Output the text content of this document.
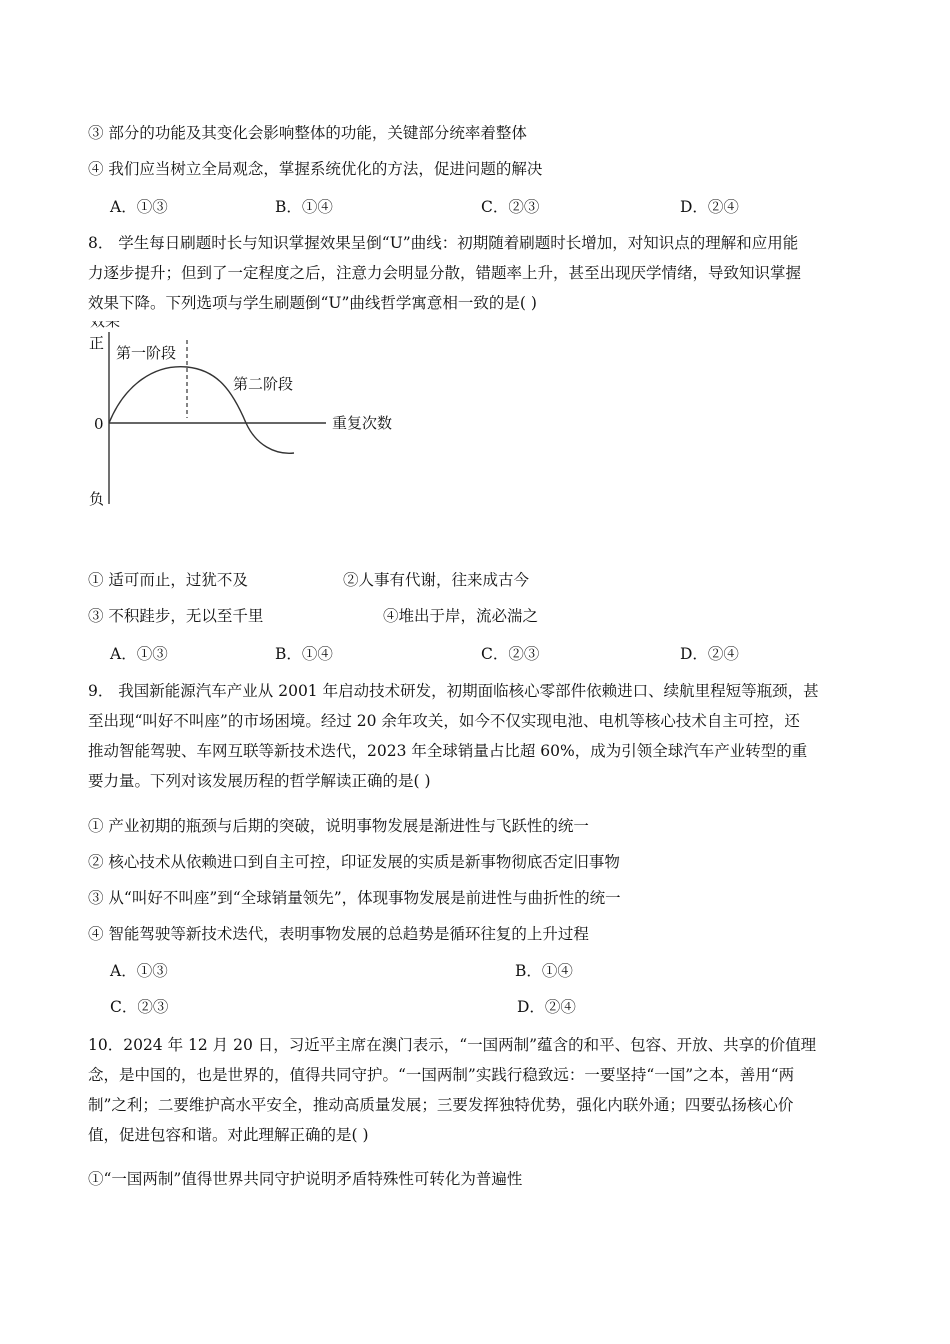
③ 部分的功能及其变化会影响整体的功能，关键部分统率着整体
④ 我们应当树立全局观念，掌握系统优化的方法，促进问题的解决
A．①③	B．①④	C．②③	D．②④
8． 学生每日刷题时长与知识掌握效果呈倒“U”曲线：初期随着刷题时长增加，对知识点的理解和应用能
力逐步提升；但到了一定程度之后，注意力会明显分散，错题率上升，甚至出现厌学情绪，导致知识掌握
效果下降。下列选项与学生刷题倒“U”曲线哲学寓意相一致的是( )
正
0
负
重复次数
第一阶段
第二阶段
① 适可而止，过犹不及	②人事有代谢，往来成古今
③ 不积跬步，无以至千里	④堆出于岸，流必湍之
A．①③	B．①④	C．②③	D．②④
9． 我国新能源汽车产业从 2001 年启动技术研发，初期面临核心零部件依赖进口、续航里程短等瓶颈，甚
至出现“叫好不叫座”的市场困境。经过 20 余年攻关，如今不仅实现电池、电机等核心技术自主可控，还
推动智能驾驶、车网互联等新技术迭代，2023 年全球销量占比超 60%，成为引领全球汽车产业转型的重
要力量。下列对该发展历程的哲学解读正确的是( )
① 产业初期的瓶颈与后期的突破，说明事物发展是渐进性与飞跃性的统一
② 核心技术从依赖进口到自主可控，印证发展的实质是新事物彻底否定旧事物
③ 从“叫好不叫座”到“全球销量领先”，体现事物发展是前进性与曲折性的统一
④ 智能驾驶等新技术迭代，表明事物发展的总趋势是循环往复的上升过程
A．①③	B．①④
C．②③	D．②④
10．2024 年 12 月 20 日，习近平主席在澳门表示，“一国两制”蕴含的和平、包容、开放、共享的价值理
念，是中国的，也是世界的，值得共同守护。“一国两制”实践行稳致远：一要坚持“一国”之本，善用“两
制”之利；二要维护高水平安全，推动高质量发展；三要发挥独特优势，强化内联外通；四要弘扬核心价
值，促进包容和谐。对此理解正确的是( )
①“一国两制”值得世界共同守护说明矛盾特殊性可转化为普遍性
